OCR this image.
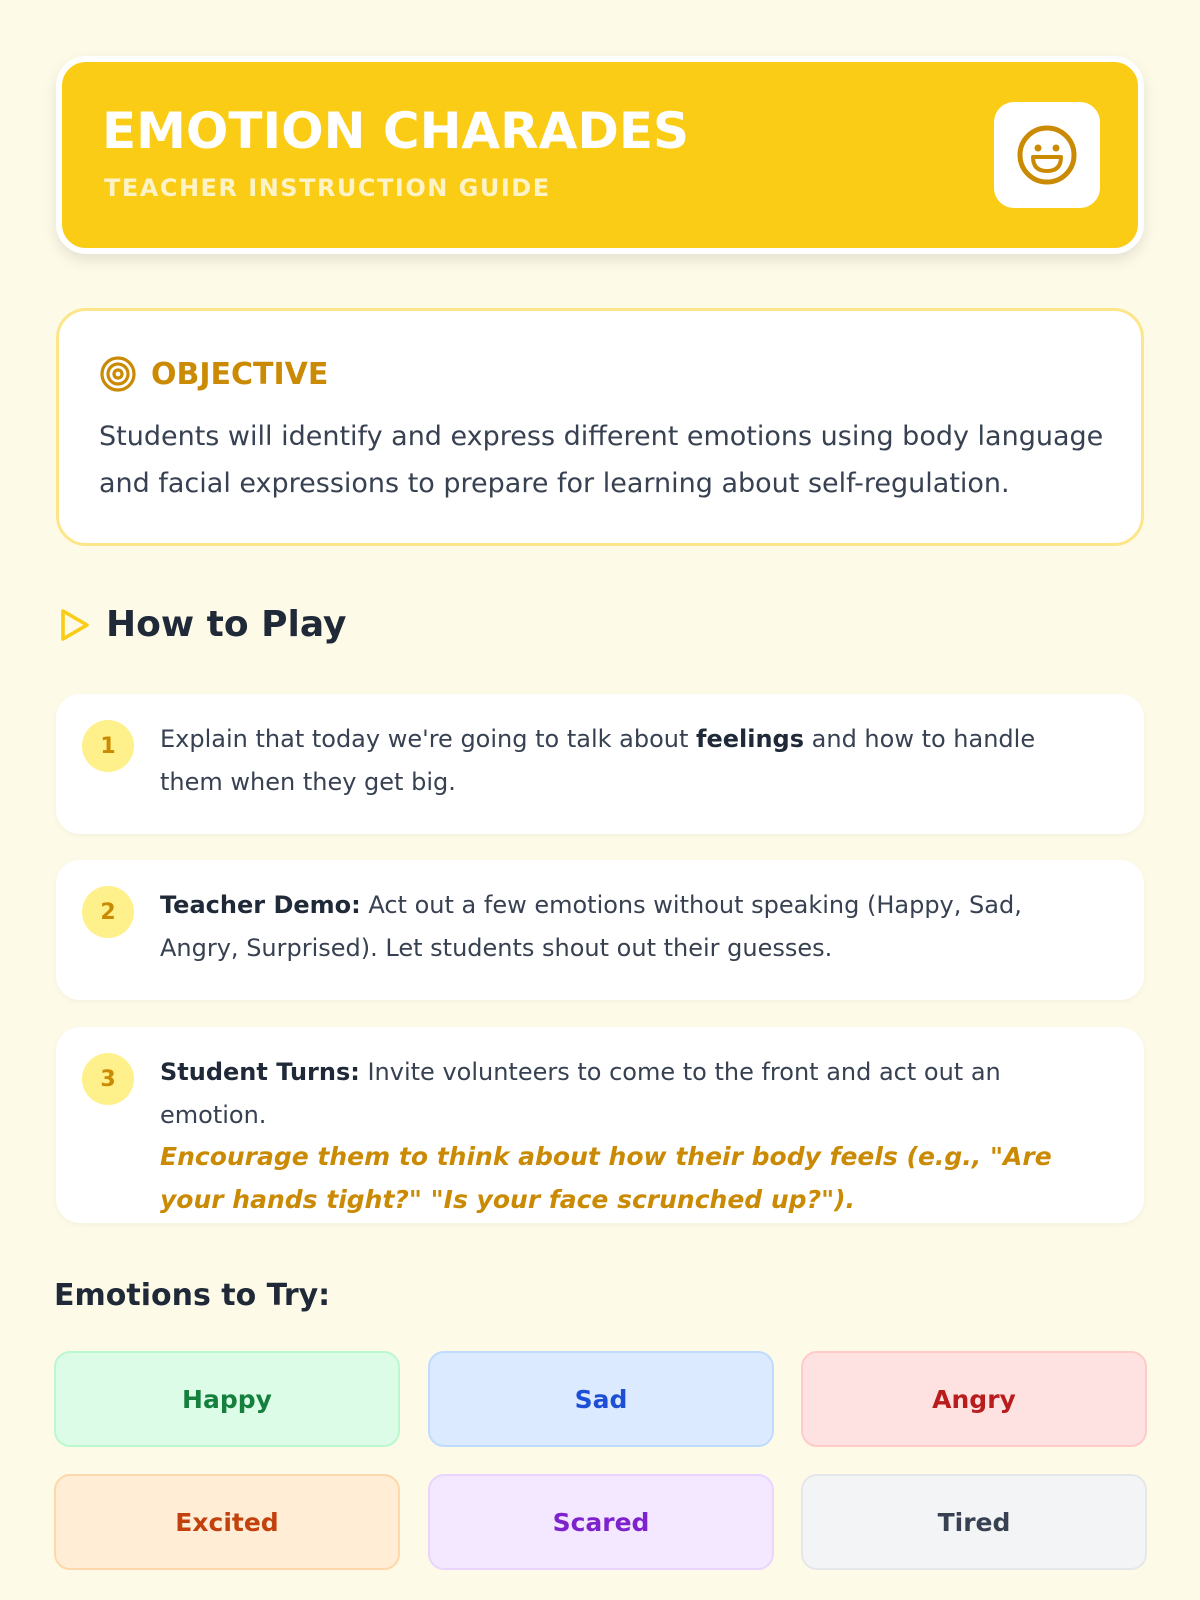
EMOTION CHARADES
TEACHER INSTRUCTION GUIDE
OBJECTIVE
Students will identify and express different emotions using body language and facial expressions to prepare for learning about self-regulation.
How to Play
1	Explain that today we're going to talk about feelings and how to handle them when they get big.
2	Teacher Demo: Act out a few emotions without speaking (Happy, Sad, Angry, Surprised). Let students shout out their guesses.
3	Student Turns: Invite volunteers to come to the front and act out an emotion.
Encourage them to think about how their body feels (e.g., "Are your hands tight?" "Is your face scrunched up?").
Emotions to Try:
Happy	Sad	Angry
Excited	Scared	Tired
